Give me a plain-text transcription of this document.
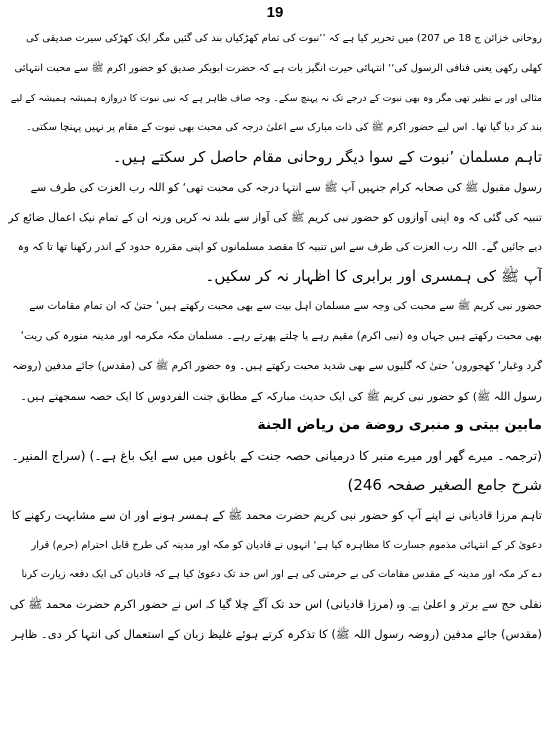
19
روحانی خزائن ج 18 ص 207) میں تحریر کیا ہے کہ ’’نبوت کی تمام کھڑکیاں بند کی گئیں مگر ایک کھڑکی سیرت صدیقی کی
کھلی رکھی یعنی فنافی الرسول کی‘‘ انتہائی حیرت انگیز بات ہے کہ حضرت ابوبکر صدیق کو حضور اکرم ﷺ سے محبت انتہائی
مثالی اور بے نظیر تھی مگر وہ بھی نبوت کے درجے تک نہ پہنچ سکے۔ وجہ صاف ظاہر ہے کہ نبی نبوت کا دروازہ ہمیشہ ہمیشہ کے لیے
بند کر دیا گیا تھا۔ اس لیے حضور اکرم ﷺ کی ذات مبارک سے اعلیٰ درجہ کی محبت بھی نبوت کے مقام پر نہیں پہنچا سکتی۔
تاہم مسلمان ’نبوت کے سوا دیگر روحانی مقام حاصل کر سکتے ہیں۔
رسول مقبول ﷺ کی صحابہ کرام جنہیں آپ ﷺ سے انتہا درجہ کی محبت تھی‘ کو اللہ رب العزت کی طرف سے
تنبیہ کی گئی کہ وہ اپنی آوازوں کو حضور نبی کریم ﷺ کی آواز سے بلند نہ کریں ورنہ ان کے تمام نیک اعمال ضائع کر
دیے جائیں گے۔ اللہ رب العزت کی طرف سے اس تنبیہ کا مقصد مسلمانوں کو اپنی مقررہ حدود کے اندر رکھنا تھا تا کہ وہ
آپ ﷺ کی ہمسری اور برابری کا اظہار نہ کر سکیں۔
حضور نبی کریم ﷺ سے محبت کی وجہ سے مسلمان اہل بیت سے بھی محبت رکھتے ہیں‘ حتیٰ کہ ان تمام مقامات سے
بھی محبت رکھتے ہیں جہاں وہ (نبی اکرم) مقیم رہے یا چلتے پھرتے رہے۔ مسلمان مکہ مکرمہ اور مدینہ منورہ کی ریت‘
گرد وغبار‘ کھجوروں‘ حتیٰ کہ گلیوں سے بھی شدید محبت رکھتے ہیں۔ وہ حضور اکرم ﷺ کی (مقدس) جائے مدفین (روضہ
رسول اللہ ﷺ) کو حضور نبی کریم ﷺ کی ایک حدیث مبارکہ کے مطابق جنت الفردوس کا ایک حصہ سمجھتے ہیں۔
مابین بیتی و منبری روضة من ریاض الجنة
(ترجمہ۔ میرے گھر اور میرے منبر کا درمیانی حصہ جنت کے باغوں میں سے ایک باغ ہے۔) (سراج المنیر۔
شرح جامع الصغیر صفحہ 246)
تاہم مرزا قادیانی نے اپنے آپ کو حضور نبی کریم حضرت محمد ﷺ کے ہمسر ہونے اور ان سے مشابہت رکھنے کا
دعویٰ کر کے انتہائی مذموم جسارت کا مظاہرہ کیا ہے‘ انہوں نے قادیان کو مکہ اور مدینہ کی طرح قابل احترام (حرم) قرار
دے کر مکہ اور مدینہ کے مقدس مقامات کی بے حرمتی کی ہے اور اس حد تک دعویٰ کیا ہے کہ قادیان کی ایک دفعہ زیارت کرنا
نفلی حج سے برتر و اعلیٰ ہے۔ وہ (مرزا قادیانی) اس حد تک آگے چلا گیا کہ اس نے حضور اکرم حضرت محمد ﷺ کی
(مقدس) جائے مدفین (روضہ رسول اللہ ﷺ) کا تذکرہ کرتے ہوئے غلیظ زبان کے استعمال کی انتہا کر دی۔ ظاہر
